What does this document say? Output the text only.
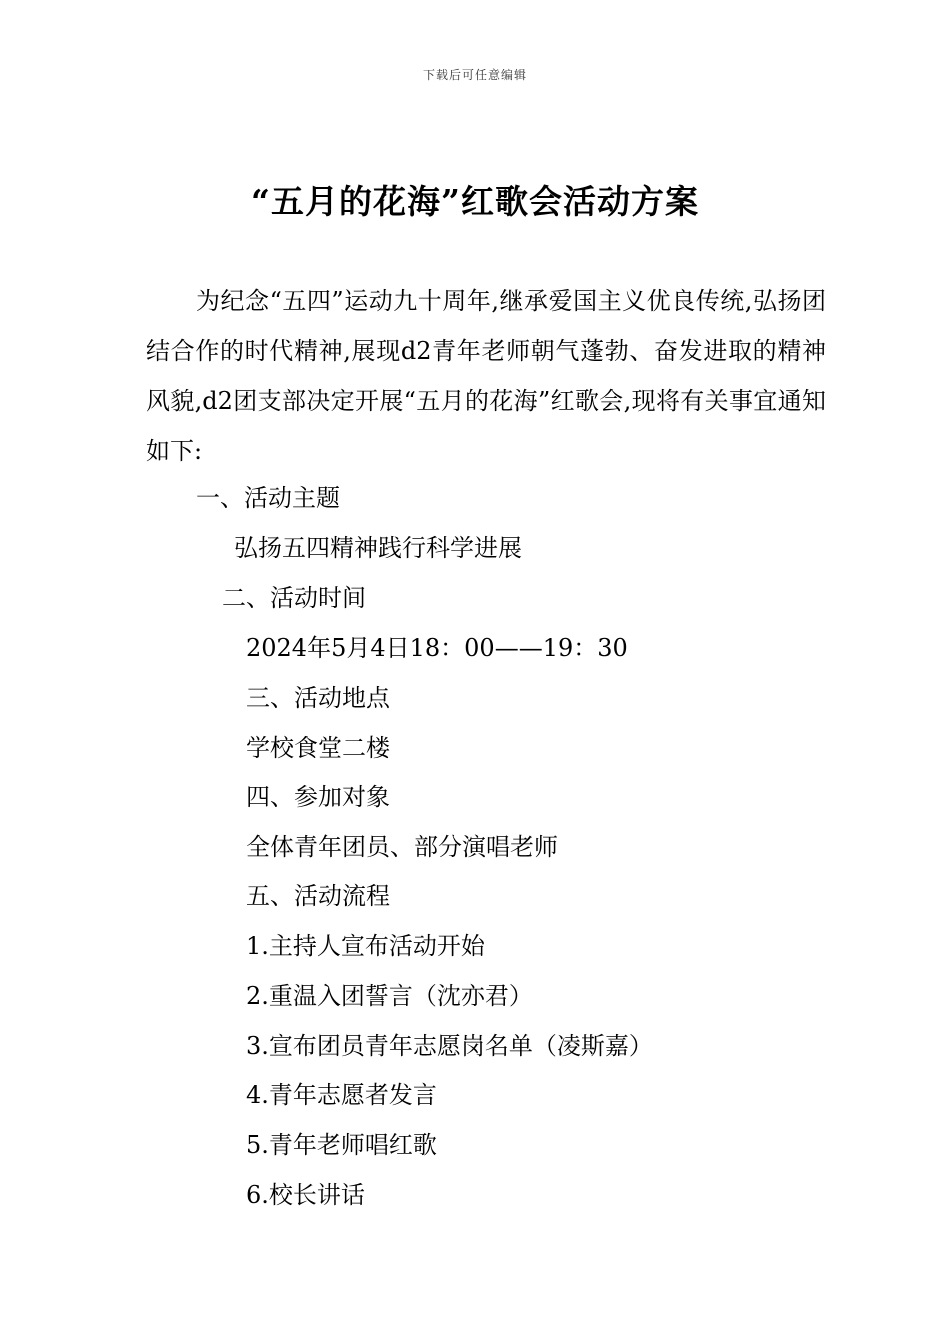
下载后可任意编辑
“五月的花海”红歌会活动方案

为纪念“五四”运动九十周年,继承爱国主义优良传统,弘扬团结合作的时代精神,展现d2青年老师朝气蓬勃、奋发进取的精神风貌,d2团支部决定开展“五月的花海”红歌会,现将有关事宜通知如下:

一、活动主题
弘扬五四精神践行科学进展
二、活动时间
2024年5月4日18：00——19：30
三、活动地点
学校食堂二楼
四、参加对象
全体青年团员、部分演唱老师
五、活动流程
1.主持人宣布活动开始
2.重温入团誓言（沈亦君）
3.宣布团员青年志愿岗名单（凌斯嘉）
4.青年志愿者发言
5.青年老师唱红歌
6.校长讲话
